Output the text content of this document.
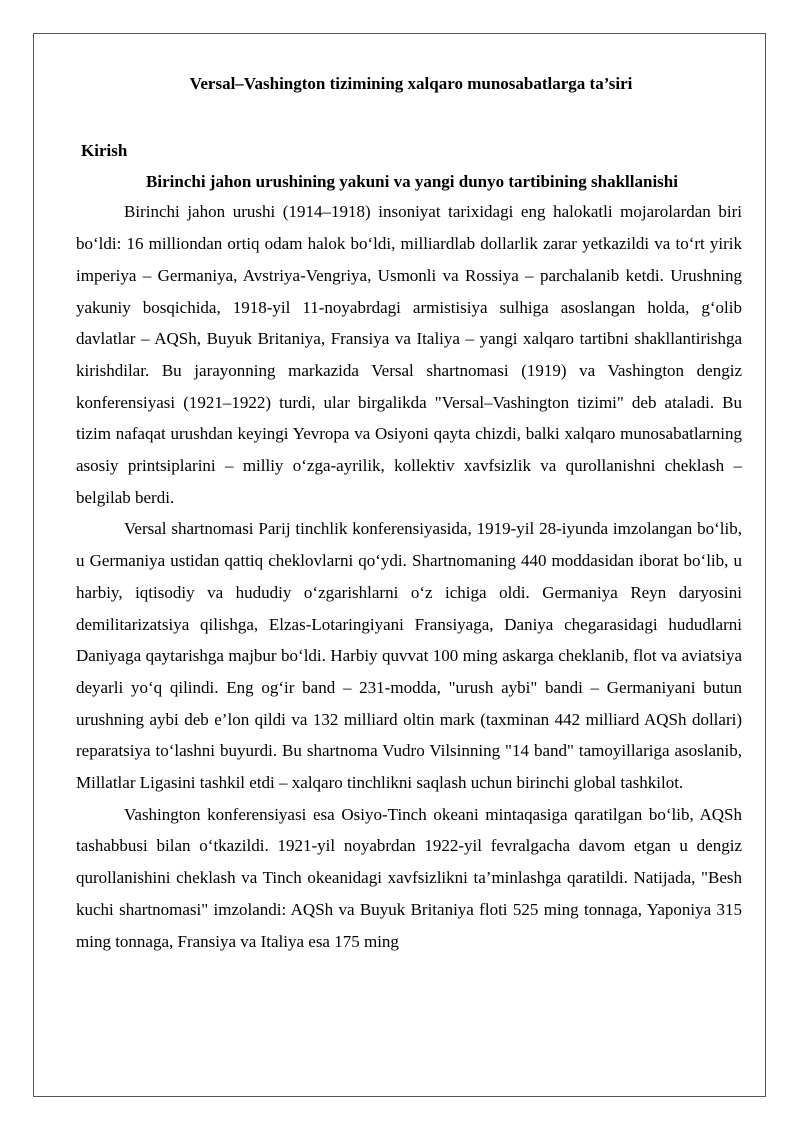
Versal–Vashington tizimining xalqaro munosabatlarga ta’siri
Kirish
Birinchi jahon urushining yakuni va yangi dunyo tartibining shakllanishi

Birinchi jahon urushi (1914–1918) insoniyat tarixidagi eng halokatli mojarolardan biri bo‘ldi: 16 milliondan ortiq odam halok bo‘ldi, milliardlab dollarlik zarar yetkazildi va to‘rt yirik imperiya – Germaniya, Avstriya-Vengriya, Usmonli va Rossiya – parchalanib ketdi. Urushning yakuniy bosqichida, 1918-yil 11-noyabrdagi armistisiya sulhiga asoslangan holda, g‘olib davlatlar – AQSh, Buyuk Britaniya, Fransiya va Italiya – yangi xalqaro tartibni shakllantirishga kirishdilar. Bu jarayonning markazida Versal shartnomasi (1919) va Vashington dengiz konferensiyasi (1921–1922) turdi, ular birgalikda "Versal–Vashington tizimi" deb ataladi. Bu tizim nafaqat urushdan keyingi Yevropa va Osiyoni qayta chizdi, balki xalqaro munosabatlarning asosiy printsiplarini – milliy o‘zga-ayrilik, kollektiv xavfsizlik va qurollanishni cheklash – belgilab berdi.

Versal shartnomasi Parij tinchlik konferensiyasida, 1919-yil 28-iyunda imzolangan bo‘lib, u Germaniya ustidan qattiq cheklovlarni qo‘ydi. Shartnomaning 440 moddasidan iborat bo‘lib, u harbiy, iqtisodiy va hududiy o‘zgarishlarni o‘z ichiga oldi. Germaniya Reyn daryosini demilitarizatsiya qilishga, Elzas-Lotaringiyani Fransiyaga, Daniya chegarasidagi hududlarni Daniyaga qaytarishga majbur bo‘ldi. Harbiy quvvat 100 ming askarga cheklanib, flot va aviatsiya deyarli yo‘q qilindi. Eng og‘ir band – 231-modda, "urush aybi" bandi – Germaniyani butun urushning aybi deb e’lon qildi va 132 milliard oltin mark (taxminan 442 milliard AQSh dollari) reparatsiya to‘lashni buyurdi. Bu shartnoma Vudro Vilsinning "14 band" tamoyillariga asoslanib, Millatlar Ligasini tashkil etdi – xalqaro tinchlikni saqlash uchun birinchi global tashkilot.

Vashington konferensiyasi esa Osiyo-Tinch okeani mintaqasiga qaratilgan bo‘lib, AQSh tashabbusi bilan o‘tkazildi. 1921-yil noyabrdan 1922-yil fevralgacha davom etgan u dengiz qurollanishini cheklash va Tinch okeanidagi xavfsizlikni ta’minlashga qaratildi. Natijada, "Besh kuchi shartnomasi" imzolandi: AQSh va Buyuk Britaniya floti 525 ming tonnaga, Yaponiya 315 ming tonnaga, Fransiya va Italiya esa 175 ming
